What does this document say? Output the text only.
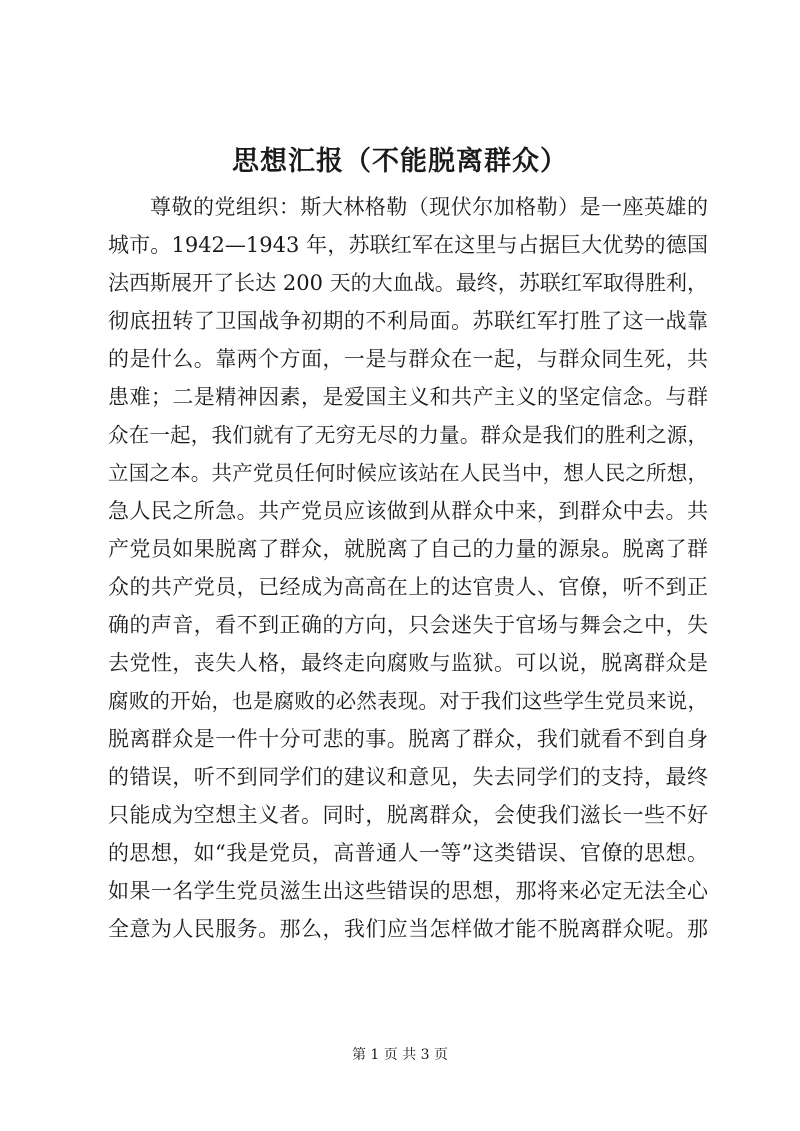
思想汇报（不能脱离群众）
尊敬的党组织：斯大林格勒（现伏尔加格勒）是一座英雄的
城市。1942—1943 年，苏联红军在这里与占据巨大优势的德国
法西斯展开了长达 200 天的大血战。最终，苏联红军取得胜利，
彻底扭转了卫国战争初期的不利局面。苏联红军打胜了这一战靠
的是什么。靠两个方面，一是与群众在一起，与群众同生死，共
患难；二是精神因素，是爱国主义和共产主义的坚定信念。与群
众在一起，我们就有了无穷无尽的力量。群众是我们的胜利之源，
立国之本。共产党员任何时候应该站在人民当中，想人民之所想，
急人民之所急。共产党员应该做到从群众中来，到群众中去。共
产党员如果脱离了群众，就脱离了自己的力量的源泉。脱离了群
众的共产党员，已经成为高高在上的达官贵人、官僚，听不到正
确的声音，看不到正确的方向，只会迷失于官场与舞会之中，失
去党性，丧失人格，最终走向腐败与监狱。可以说，脱离群众是
腐败的开始，也是腐败的必然表现。对于我们这些学生党员来说，
脱离群众是一件十分可悲的事。脱离了群众，我们就看不到自身
的错误，听不到同学们的建议和意见，失去同学们的支持，最终
只能成为空想主义者。同时，脱离群众，会使我们滋长一些不好
的思想，如“我是党员，高普通人一等”这类错误、官僚的思想。
如果一名学生党员滋生出这些错误的思想，那将来必定无法全心
全意为人民服务。那么，我们应当怎样做才能不脱离群众呢。那
第 1 页 共 3 页
